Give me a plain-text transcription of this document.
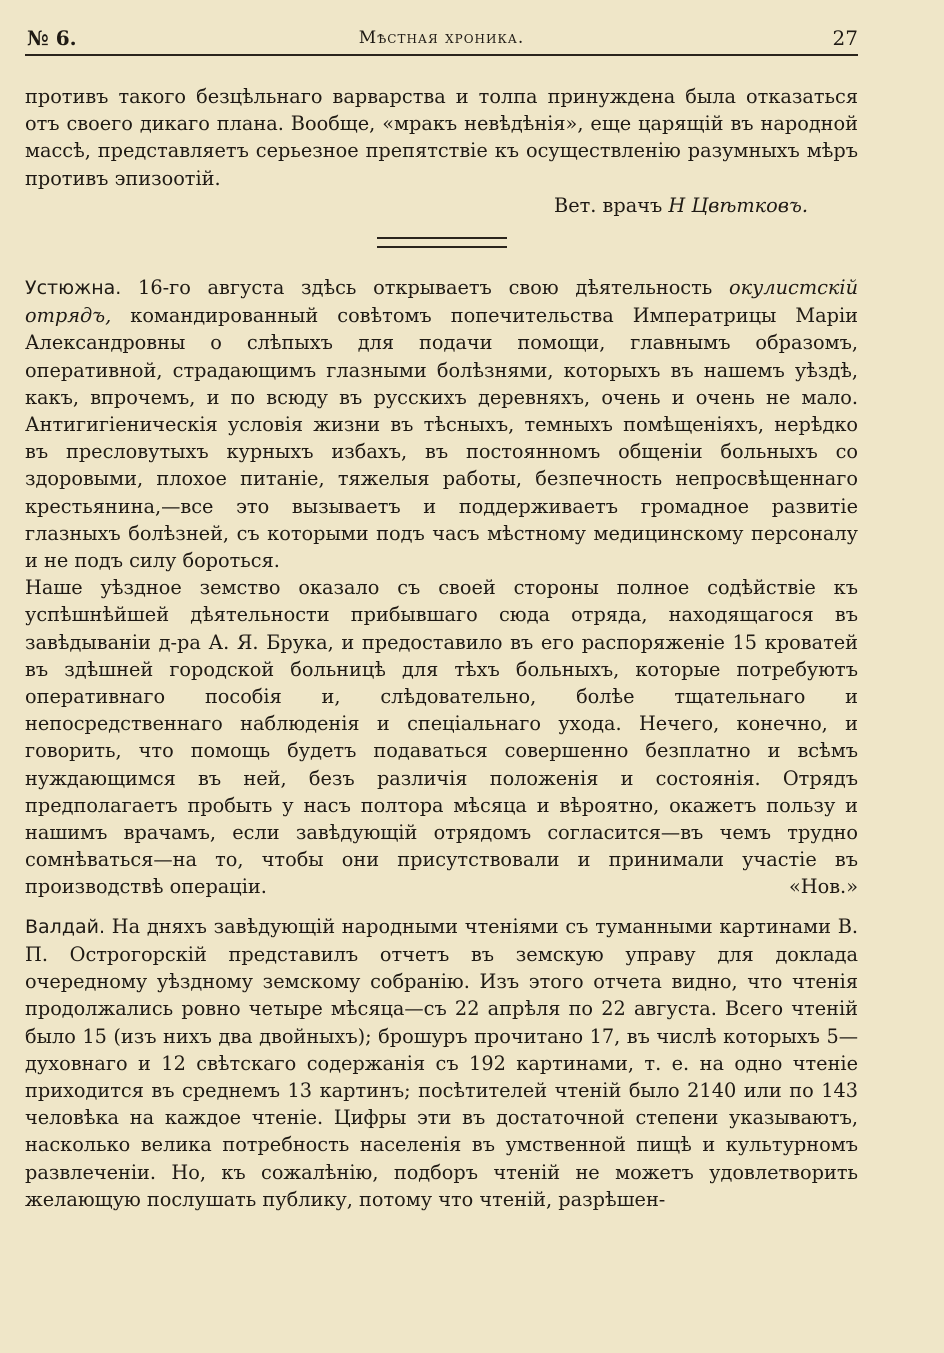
№ 6.	Мѣстная хроника.	27

противъ такого безцѣльнаго варварства и толпа принуждена была отказаться отъ своего дикаго плана. Вообще, «мракъ невѣдѣнія», еще царящій въ народной массѣ, представляетъ серьезное препятствіе къ осуществленію разумныхъ мѣръ противъ эпизоотій.

Вет. врачъ Н Цвѣтковъ.

Устюжна. 16-го августа здѣсь открываетъ свою дѣятельность окулистскій отрядъ, командированный совѣтомъ попечительства Императрицы Маріи Александровны о слѣпыхъ для подачи помощи, главнымъ образомъ, оперативной, страдающимъ глазными болѣзнями, которыхъ въ нашемъ уѣздѣ, какъ, впрочемъ, и по всюду въ русскихъ деревняхъ, очень и очень не мало. Антигигіеническія условія жизни въ тѣсныхъ, темныхъ помѣщеніяхъ, нерѣдко въ пресловутыхъ курныхъ избахъ, въ постоянномъ общеніи больныхъ со здоровыми, плохое питаніе, тяжелыя работы, безпечность непросвѣщеннаго крестьянина,—все это вызываетъ и поддерживаетъ громадное развитіе глазныхъ болѣзней, съ которыми подъ часъ мѣстному медицинскому персоналу и не подъ силу бороться.

Наше уѣздное земство оказало съ своей стороны полное содѣйствіе къ успѣшнѣйшей дѣятельности прибывшаго сюда отряда, находящагося въ завѣдываніи д-ра А. Я. Брука, и предоставило въ его распоряженіе 15 кроватей въ здѣшней городской больницѣ для тѣхъ больныхъ, которые потребуютъ оперативнаго пособія и, слѣдовательно, болѣе тщательнаго и непосредственнаго наблюденія и спеціальнаго ухода. Нечего, конечно, и говорить, что помощь будетъ подаваться совершенно безплатно и всѣмъ нуждающимся въ ней, безъ различія положенія и состоянія. Отрядъ предполагаетъ пробыть у насъ полтора мѣсяца и вѣроятно, окажетъ пользу и нашимъ врачамъ, если завѣдующій отрядомъ согласится—въ чемъ трудно сомнѣваться—на то, чтобы они присутствовали и принимали участіе въ производствѣ операціи.	«Нов.»

Валдай. На дняхъ завѣдующій народными чтеніями съ туманными картинами В. П. Острогорскій представилъ отчетъ въ земскую управу для доклада очередному уѣздному земскому собранію. Изъ этого отчета видно, что чтенія продолжались ровно четыре мѣсяца—съ 22 апрѣля по 22 августа. Всего чтеній было 15 (изъ нихъ два двойныхъ); брошуръ прочитано 17, въ числѣ которыхъ 5—духовнаго и 12 свѣтскаго содержанія съ 192 картинами, т. е. на одно чтеніе приходится въ среднемъ 13 картинъ; посѣтителей чтеній было 2140 или по 143 человѣка на каждое чтеніе. Цифры эти въ достаточной степени указываютъ, насколько велика потребность населенія въ умственной пищѣ и культурномъ развлеченіи. Но, къ сожалѣнію, подборъ чтеній не можетъ удовлетворить желающую послушать публику, потому что чтеній, разрѣшен-
